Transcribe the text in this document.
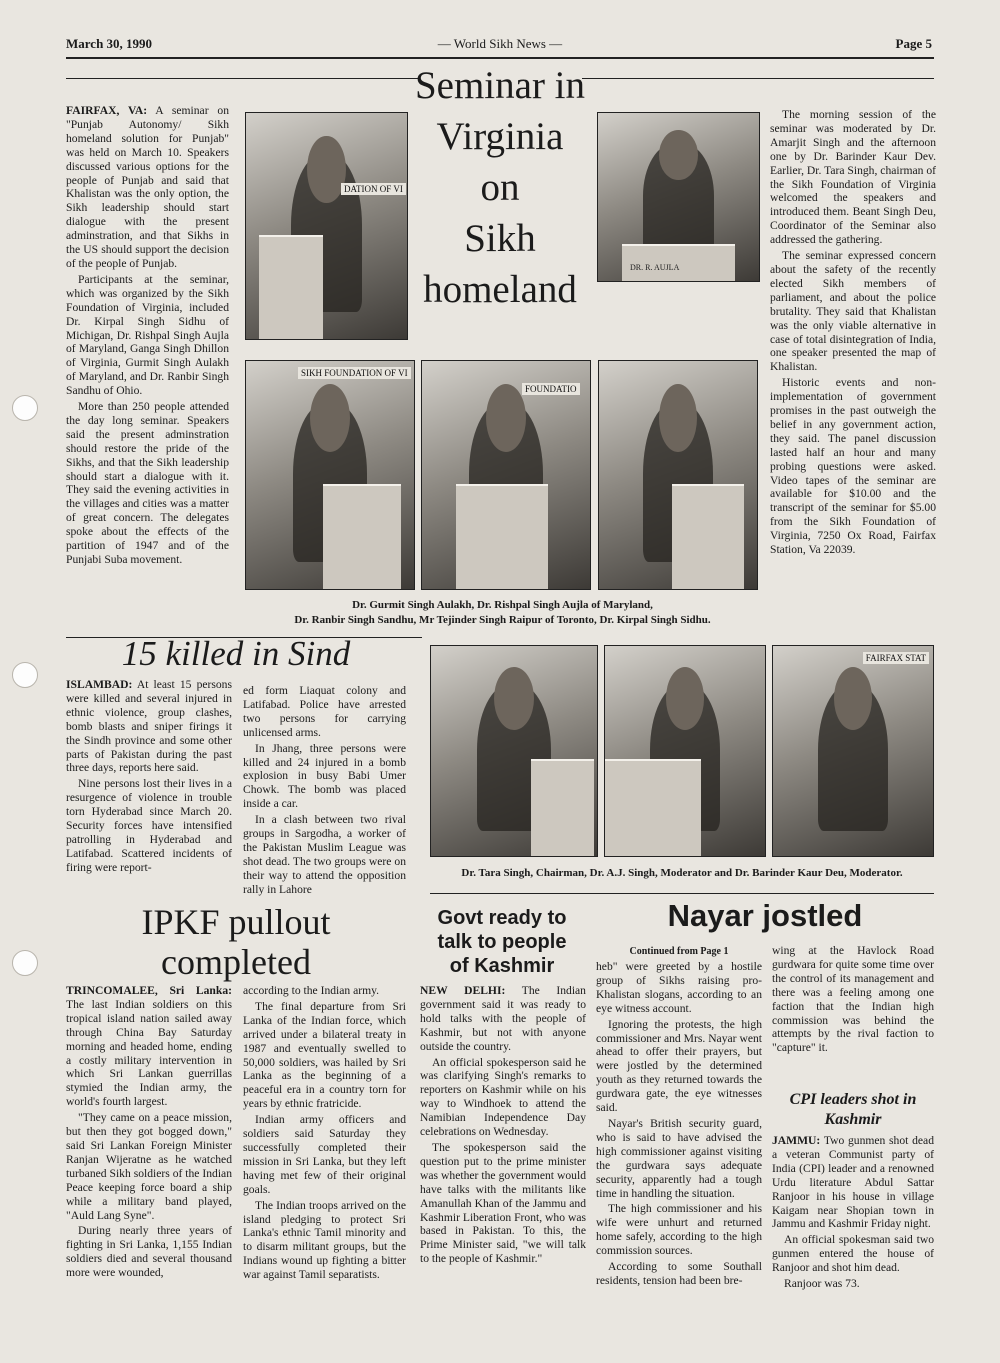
March 30, 1990	— World Sikh News —	Page 5
Seminar in
Virginia
on
Sikh
homeland

FAIRFAX, VA: A seminar on "Punjab Autonomy/ Sikh homeland solution for Punjab" was held on March 10. Speakers discussed various options for the people of Punjab and said that Khalistan was the only option, the Sikh leadership should start dialogue with the present adminstration, and that Sikhs in the US should support the decision of the people of Punjab.

Participants at the seminar, which was organized by the Sikh Foundation of Virginia, included Dr. Kirpal Singh Sidhu of Michigan, Dr. Rishpal Singh Aujla of Maryland, Ganga Singh Dhillon of Virginia, Gurmit Singh Aulakh of Maryland, and Dr. Ranbir Singh Sandhu of Ohio.

More than 250 people attended the day long seminar. Speakers said the present adminstration should restore the pride of the Sikhs, and that the Sikh leadership should start a dialogue with it. They said the evening activities in the villages and cities was a matter of great concern. The delegates spoke about the effects of the partition of 1947 and of the Punjabi Suba movement.

The morning session of the seminar was moderated by Dr. Amarjit Singh and the afternoon one by Dr. Barinder Kaur Dev. Earlier, Dr. Tara Singh, chairman of the Sikh Foundation of Virginia welcomed the speakers and introduced them. Beant Singh Deu, Coordinator of the Seminar also addressed the gathering.

The seminar expressed concern about the safety of the recently elected Sikh members of parliament, and about the police brutality. They said that Khalistan was the only viable alternative in case of total disintegration of India, one speaker presented the map of Khalistan.

Historic events and non-implementation of government promises in the past outweigh the belief in any government action, they said. The panel discussion lasted half an hour and many probing questions were asked. Video tapes of the seminar are available for $10.00 and the transcript of the seminar for $5.00 from the Sikh Foundation of Virginia, 7250 Ox Road, Fairfax Station, Va 22039.

DATION OF VI
DR. R. AUJLA
SIKH FOUNDATION OF VI
FOUNDATIO
Dr. Gurmit Singh Aulakh, Dr. Rishpal Singh Aujla of Maryland,
Dr. Ranbir Singh Sandhu, Mr Tejinder Singh Raipur of Toronto, Dr. Kirpal Singh Sidhu.
15 killed in Sind

ISLAMBAD: At least 15 persons were killed and several injured in ethnic violence, group clashes, bomb blasts and sniper firings it the Sindh province and some other parts of Pakistan during the past three days, reports here said.

Nine persons lost their lives in a resurgence of violence in trouble torn Hyderabad since March 20. Security forces have intensified patrolling in Hyderabad and Latifabad. Scattered incidents of firing were report-

ed form Liaquat colony and Latifabad. Police have arrested two persons for carrying unlicensed arms.

In Jhang, three persons were killed and 24 injured in a bomb explosion in busy Babi Umer Chowk. The bomb was placed inside a car.

In a clash between two rival groups in Sargodha, a worker of the Pakistan Muslim League was shot dead. The two groups were on their way to attend the opposition rally in Lahore

FAIRFAX STAT
Dr. Tara Singh, Chairman, Dr. A.J. Singh, Moderator and Dr. Barinder Kaur Deu, Moderator.
IPKF pullout
completed

TRINCOMALEE, Sri Lanka: The last Indian soldiers on this tropical island nation sailed away through China Bay Saturday morning and headed home, ending a costly military intervention in which Sri Lankan guerrillas stymied the Indian army, the world's fourth largest.

"They came on a peace mission, but then they got bogged down," said Sri Lankan Foreign Minister Ranjan Wijeratne as he watched turbaned Sikh soldiers of the Indian Peace keeping force board a ship while a military band played, "Auld Lang Syne".

During nearly three years of fighting in Sri Lanka, 1,155 Indian soldiers died and several thousand more were wounded,

according to the Indian army.

The final departure from Sri Lanka of the Indian force, which arrived under a bilateral treaty in 1987 and eventually swelled to 50,000 soldiers, was hailed by Sri Lanka as the beginning of a peaceful era in a country torn for years by ethnic fratricide.

Indian army officers and soldiers said Saturday they successfully completed their mission in Sri Lanka, but they left having met few of their original goals.

The Indian troops arrived on the island pledging to protect Sri Lanka's ethnic Tamil minority and to disarm militant groups, but the Indians wound up fighting a bitter war against Tamil separatists.

Govt ready to
talk to people
of Kashmir

NEW DELHI: The Indian government said it was ready to hold talks with the people of Kashmir, but not with anyone outside the country.

An official spokesperson said he was clarifying Singh's remarks to reporters on Kashmir while on his way to Windhoek to attend the Namibian Independence Day celebrations on Wednesday.

The spokesperson said the question put to the prime minister was whether the government would have talks with the militants like Amanullah Khan of the Jammu and Kashmir Liberation Front, who was based in Pakistan. To this, the Prime Minister said, "we will talk to the people of Kashmir."

Nayar jostled
Continued from Page 1

heb" were greeted by a hostile group of Sikhs raising pro-Khalistan slogans, according to an eye witness account.

Ignoring the protests, the high commissioner and Mrs. Nayar went ahead to offer their prayers, but were jostled by the determined youth as they returned towards the gurdwara gate, the eye witnesses said.

Nayar's British security guard, who is said to have advised the high commissioner against visiting the gurdwara says adequate security, apparently had a tough time in handling the situation.

The high commissioner and his wife were unhurt and returned home safely, according to the high commission sources.

According to some Southall residents, tension had been bre-

wing at the Havlock Road gurdwara for quite some time over the control of its management and there was a feeling among one faction that the Indian high commission was behind the attempts by the rival faction to "capture" it.

CPI leaders shot in
Kashmir

JAMMU: Two gunmen shot dead a veteran Communist party of India (CPI) leader and a renowned Urdu literature Abdul Sattar Ranjoor in his house in village Kaigam near Shopian town in Jammu and Kashmir Friday night.

An official spokesman said two gunmen entered the house of Ranjoor and shot him dead.

Ranjoor was 73.
